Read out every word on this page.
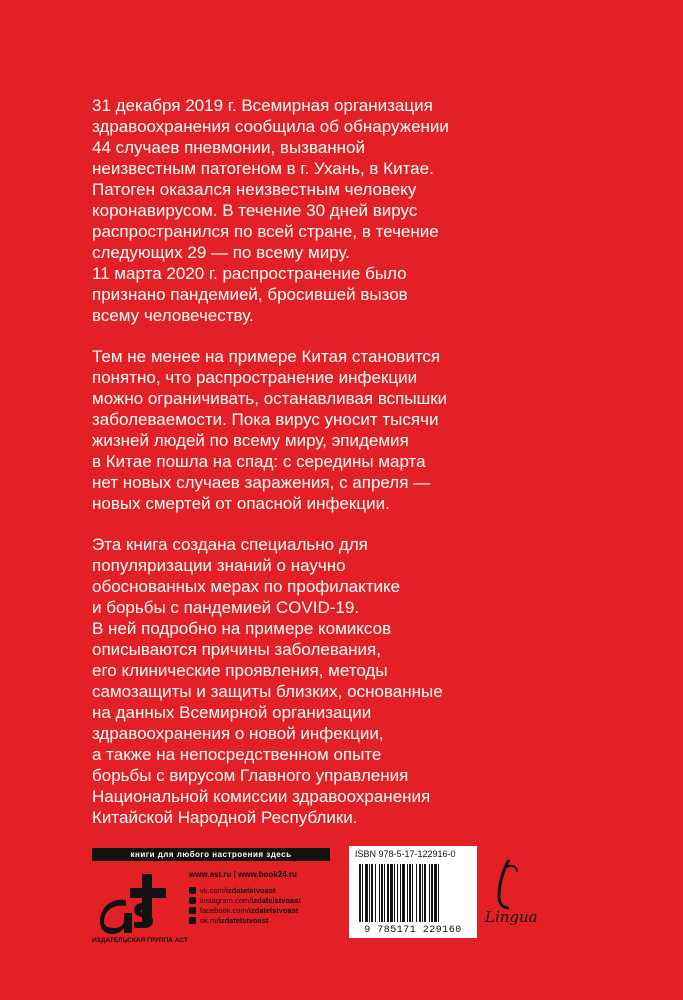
31 декабря 2019 г. Всемирная организация

здравоохранения сообщила об обнаружении

44 случаев пневмонии, вызванной

неизвестным патогеном в г. Ухань, в Китае.

Патоген оказался неизвестным человеку

коронавирусом. В течение 30 дней вирус

распространился по всей стране, в течение

следующих 29 — по всему миру.

11 марта 2020 г. распространение было

признано пандемией, бросившей вызов

всему человечеству.

Тем не менее на примере Китая становится

понятно, что распространение инфекции

можно ограничивать, останавливая вспышки

заболеваемости. Пока вирус уносит тысячи

жизней людей по всему миру, эпидемия

в Китае пошла на спад: с середины марта

нет новых случаев заражения, с апреля —

новых смертей от опасной инфекции.

Эта книга создана специально для

популяризации знаний о научно

обоснованных мерах по профилактике

и борьбы с пандемией COVID-19.

В ней подробно на примере комиксов

описываются причины заболевания,

его клинические проявления, методы

самозащиты и защиты близких, основанные

на данных Всемирной организации

здравоохранения о новой инфекции,

а также на непосредственном опыте

борьбы с вирусом Главного управления

Национальной комиссии здравоохранения

Китайской Народной Республики.

книги для любого настроения здесь
ИЗДАТЕЛЬСКАЯ ГРУППА АСТ
www.ast.ru | www.book24.ru
vk.com/ izdatelstvoast
instagram.com/ izdatelstvoast
facebook.com/ izdatelstvoast
ok.ru/ izdatelstvoast
ISBN 978-5-17-122916-0
9 785171 229160
Lingua
